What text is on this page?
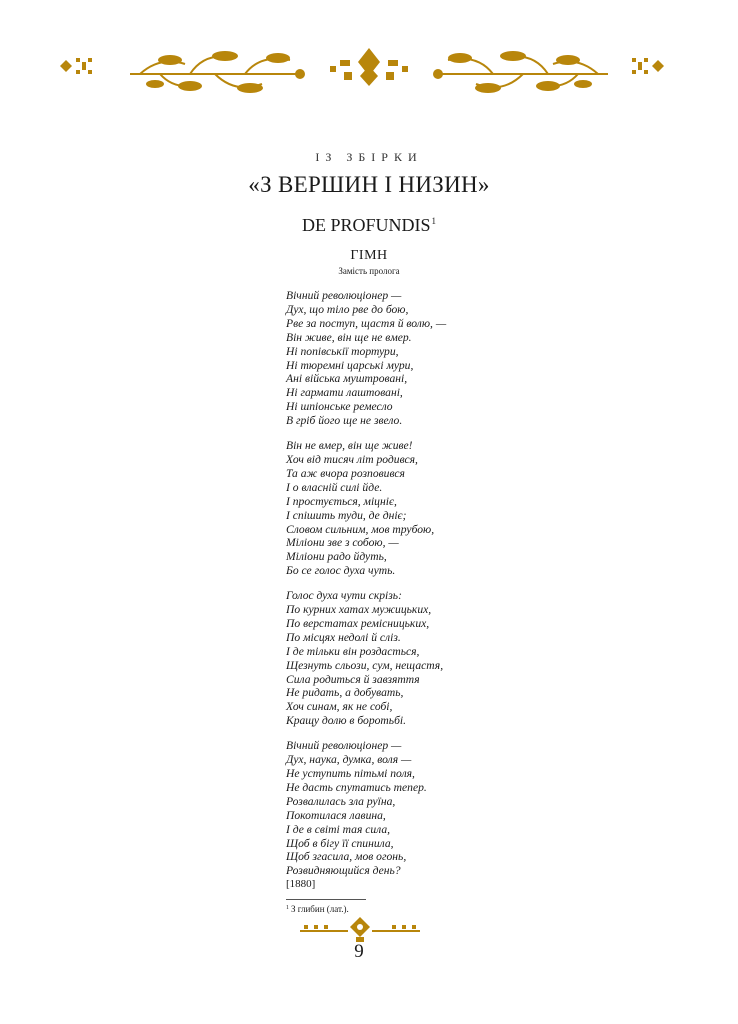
ІЗ ЗБІРКИ
«З ВЕРШИН І НИЗИН»
DE PROFUNDIS$^1$
ГІМН
Замість пролога
Вічний революціонер —
Дух, що тіло рве до бою,
Рве за поступ, щастя й волю, —
Він живе, він ще не вмер.
Ні попівськії тортури,
Ні тюремні царські мури,
Ані війська муштровані,
Ні гармати лаштовані,
Ні шпіонське ремесло
В гріб його ще не звело.
Він не вмер, він ще живе!
Хоч від тисяч літ родився,
Та аж вчора розповився
І о власній силі йде.
І простується, міцніє,
І спішить туди, де дніє;
Словом сильним, мов трубою,
Міліони зве з собою, —
Міліони радо йдуть,
Бо се голос духа чуть.
Голос духа чути скрізь:
По курних хатах мужицьких,
По верстатах ремісницьких,
По місцях недолі й сліз.
І де тільки він роздасться,
Щезнуть сльози, сум, нещастя,
Сила родиться й завзяття
Не ридать, а добувать,
Хоч синам, як не собі,
Кращу долю в боротьбі.
Вічний революціонер —
Дух, наука, думка, воля —
Не уступить пітьмі поля,
Не дасть спутатись тепер.
Розвалилась зла руїна,
Покотилася лавина,
І де в світі тая сила,
Щоб в бігу її спинила,
Щоб згасила, мов огонь,
Розвидняющийся день?
[1880]
$^1$ З глибин (лат.).
9
